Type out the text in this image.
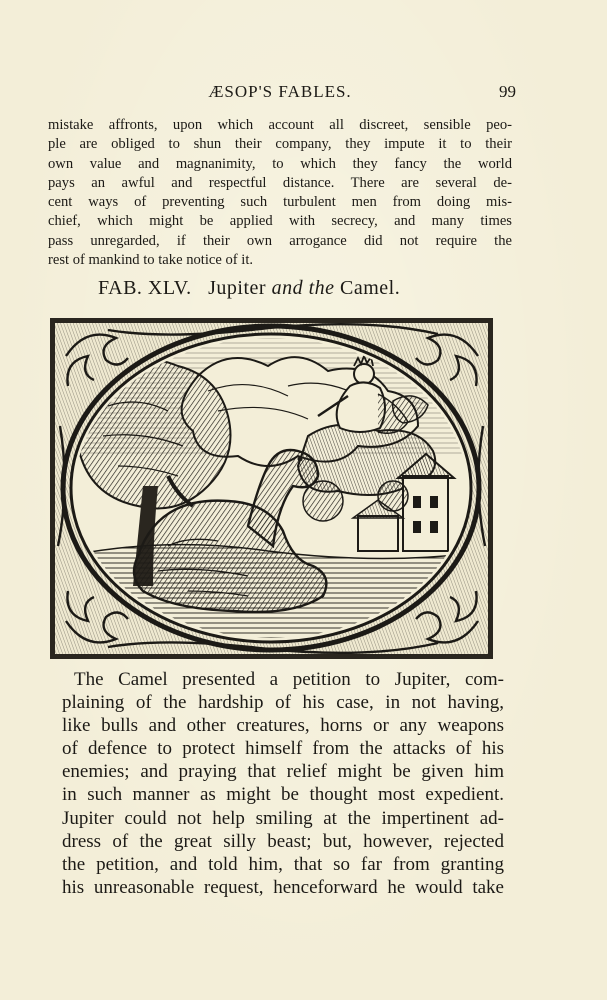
ÆSOP'S FABLES.	99
mistake affronts, upon which account all discreet, sensible peo-
ple are obliged to shun their company, they impute it to their
own value and magnanimity, to which they fancy the world
pays an awful and respectful distance. There are several de-
cent ways of preventing such turbulent men from doing mis-
chief, which might be applied with secrecy, and many times
pass unregarded, if their own arrogance did not require the
rest of mankind to take notice of it.
FAB. XLV. Jupiter and the Camel.
The Camel presented a petition to Jupiter, com-
plaining of the hardship of his case, in not having,
like bulls and other creatures, horns or any weapons
of defence to protect himself from the attacks of his
enemies; and praying that relief might be given him
in such manner as might be thought most expedient.
Jupiter could not help smiling at the impertinent ad-
dress of the great silly beast; but, however, rejected
the petition, and told him, that so far from granting
his unreasonable request, henceforward he would take
